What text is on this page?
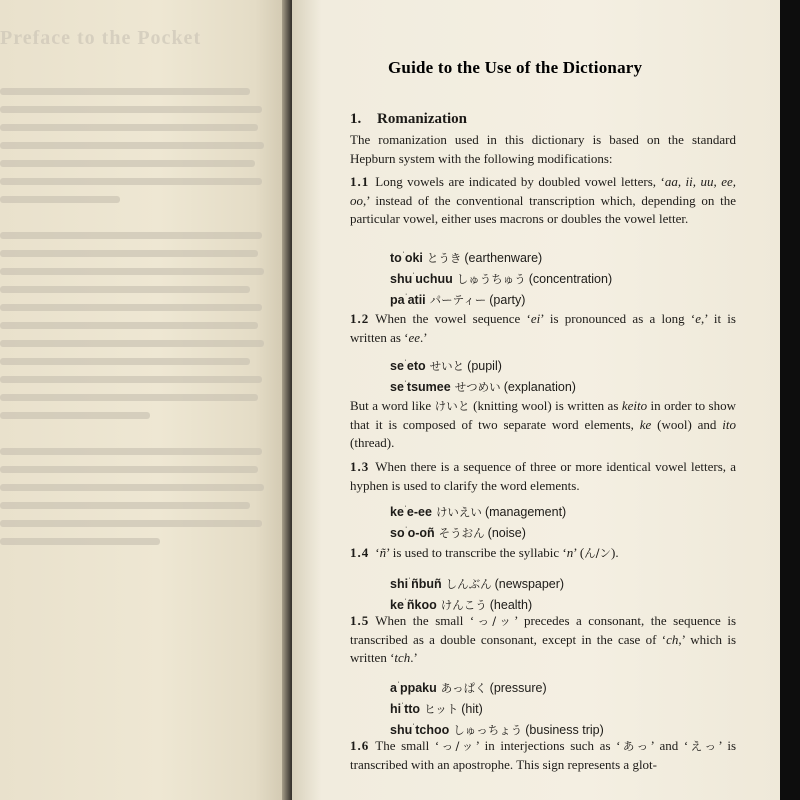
Preface to the Pocket
Guide to the Use of the Dictionary
1. Romanization

The romanization used in this dictionary is based on the standard Hepburn system with the following modifications:

1.1 Long vowels are indicated by doubled vowel letters, ‘aa, ii, uu, ee, oo,’ instead of the conventional transcription which, depending on the particular vowel, either uses macrons or doubles the vowel letter.

$to^ˈoki$ とうき (earthenware)
shu$^ˈ$uchuu しゅうちゅう (concentration)
$pa^ˈatii$ パーティー (party)

1.2 When the vowel sequence ‘ei’ is pronounced as a long ‘e,’ it is written as ‘ee.’

$se^ˈeto$ せいと (pupil)
$se^ˈtsumee$ せつめい (explanation)

But a word like けいと (knitting wool) is written as keito in order to show that it is composed of two separate word elements, ke (wool) and ito (thread).

1.3 When there is a sequence of three or more identical vowel letters, a hyphen is used to clarify the word elements.

$ke^ˈe-ee$ けいえい (management)
$so^ˈo-oñ$ そうおん (noise)

1.4 ‘ñ’ is used to transcribe the syllabic ‘n’ (ん/ン).

shi$^ˈ$ñbuñ しんぶん (newspaper)
$ke^ˈñkoo$ けんこう (health)

1.5 When the small ‘っ/ッ’ precedes a consonant, the sequence is transcribed as a double consonant, except in the case of ‘ch,’ which is written ‘tch.’

$a^ˈppaku$ あっぱく (pressure)
$hi^ˈtto$ ヒット (hit)
shu$^ˈ$tchoo しゅっちょう (business trip)

1.6 The small ‘っ/ッ’ in interjections such as ‘あっ’ and ‘えっ’ is transcribed with an apostrophe. This sign represents a glot-
